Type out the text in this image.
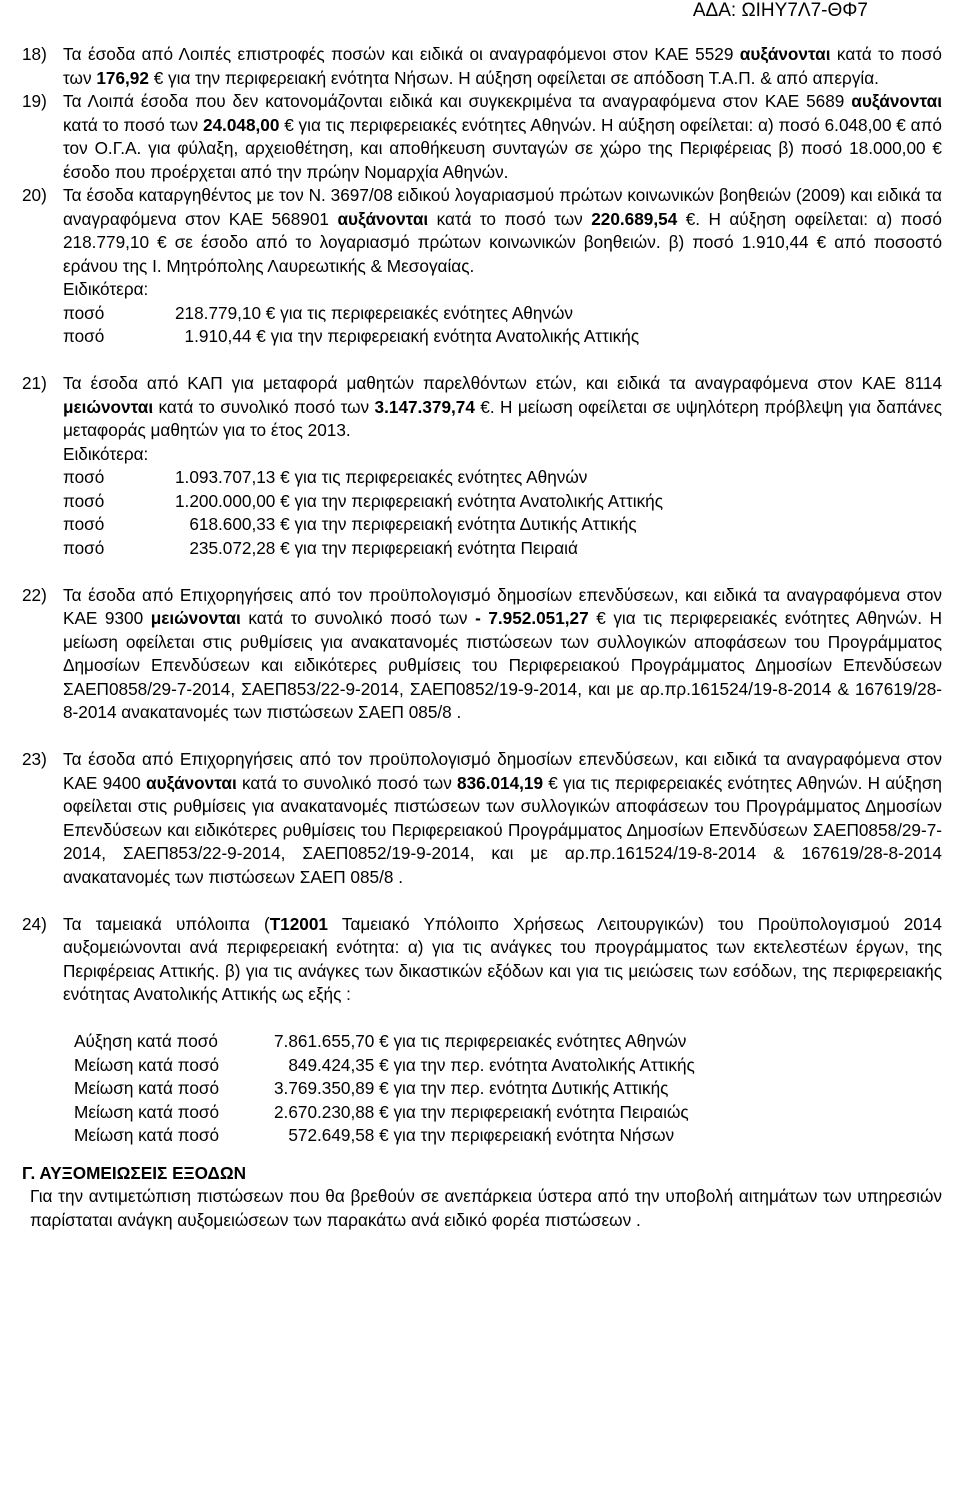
ΑΔΑ: ΩΙΗΥ7Λ7-ΘΦ7
18) Τα έσοδα από Λοιπές επιστροφές ποσών και ειδικά οι αναγραφόμενοι στον ΚΑΕ 5529 αυξάνονται κατά το ποσό των 176,92 € για την περιφερειακή ενότητα Νήσων. Η αύξηση οφείλεται σε απόδοση Τ.Α.Π. & από απεργία.
19) Τα Λοιπά έσοδα που δεν κατονομάζονται ειδικά και συγκεκριμένα τα αναγραφόμενα στον ΚΑΕ 5689 αυξάνονται κατά το ποσό των 24.048,00 € για τις περιφερειακές ενότητες Αθηνών. Η αύξηση οφείλεται: α) ποσό 6.048,00 € από τον Ο.Γ.Α. για φύλαξη, αρχειοθέτηση, και αποθήκευση συνταγών σε χώρο της Περιφέρειας β) ποσό 18.000,00 € έσοδο που προέρχεται από την πρώην Νομαρχία Αθηνών.
20) Τα έσοδα καταργηθέντος με τον Ν. 3697/08 ειδικού λογαριασμού πρώτων κοινωνικών βοηθειών (2009) και ειδικά τα αναγραφόμενα στον ΚΑΕ 568901 αυξάνονται κατά το ποσό των 220.689,54 €. Η αύξηση οφείλεται: α) ποσό 218.779,10 € σε έσοδο από το λογαριασμό πρώτων κοινωνικών βοηθειών. β) ποσό 1.910,44 € από ποσοστό εράνου της Ι. Μητρόπολης Λαυρεωτικής & Μεσογαίας.
Ειδικότερα:
ποσό	218.779,10 € για τις περιφερειακές ενότητες Αθηνών
ποσό	1.910,44 € για την περιφερειακή ενότητα Ανατολικής Αττικής
21) Τα έσοδα από ΚΑΠ για μεταφορά μαθητών παρελθόντων ετών, και ειδικά τα αναγραφόμενα στον ΚΑΕ 8114 μειώνονται κατά το συνολικό ποσό των 3.147.379,74 €. Η μείωση οφείλεται σε υψηλότερη πρόβλεψη για δαπάνες μεταφοράς μαθητών για το έτος 2013.
Ειδικότερα:
ποσό	1.093.707,13 € για τις περιφερειακές ενότητες Αθηνών
ποσό	1.200.000,00 € για την περιφερειακή ενότητα Ανατολικής Αττικής
ποσό	618.600,33 € για την περιφερειακή ενότητα Δυτικής Αττικής
ποσό	235.072,28 € για την περιφερειακή ενότητα Πειραιά
22) Τα έσοδα από Επιχορηγήσεις από τον προϋπολογισμό δημοσίων επενδύσεων, και ειδικά τα αναγραφόμενα στον ΚΑΕ 9300 μειώνονται κατά το συνολικό ποσό των - 7.952.051,27 € για τις περιφερειακές ενότητες Αθηνών. Η μείωση οφείλεται στις ρυθμίσεις για ανακατανομές πιστώσεων των συλλογικών αποφάσεων του Προγράμματος Δημοσίων Επενδύσεων και ειδικότερες ρυθμίσεις του Περιφερειακού Προγράμματος Δημοσίων Επενδύσεων ΣΑΕΠ0858/29-7-2014, ΣΑΕΠ853/22-9-2014, ΣΑΕΠ0852/19-9-2014, και με αρ.πρ.161524/19-8-2014 & 167619/28-8-2014 ανακατανομές των πιστώσεων ΣΑΕΠ 085/8 .
23) Τα έσοδα από Επιχορηγήσεις από τον προϋπολογισμό δημοσίων επενδύσεων, και ειδικά τα αναγραφόμενα στον ΚΑΕ 9400 αυξάνονται κατά το συνολικό ποσό των 836.014,19 € για τις περιφερειακές ενότητες Αθηνών. Η αύξηση οφείλεται στις ρυθμίσεις για ανακατανομές πιστώσεων των συλλογικών αποφάσεων του Προγράμματος Δημοσίων Επενδύσεων και ειδικότερες ρυθμίσεις του Περιφερειακού Προγράμματος Δημοσίων Επενδύσεων ΣΑΕΠ0858/29-7-2014, ΣΑΕΠ853/22-9-2014, ΣΑΕΠ0852/19-9-2014, και με αρ.πρ.161524/19-8-2014 & 167619/28-8-2014 ανακατανομές των πιστώσεων ΣΑΕΠ 085/8 .
24) Τα ταμειακά υπόλοιπα (Τ12001 Ταμειακό Υπόλοιπο Χρήσεως Λειτουργικών) του Προϋπολογισμού 2014 αυξομειώνονται ανά περιφερειακή ενότητα: α) για τις ανάγκες του προγράμματος των εκτελεστέων έργων, της Περιφέρειας Αττικής. β) για τις ανάγκες των δικαστικών εξόδων και για τις μειώσεις των εσόδων, της περιφερειακής ενότητας Ανατολικής Αττικής ως εξής :
Αύξηση κατά ποσό	7.861.655,70 € για τις περιφερειακές ενότητες Αθηνών
Μείωση κατά ποσό	849.424,35 € για την περ. ενότητα Ανατολικής Αττικής
Μείωση κατά ποσό	3.769.350,89 € για την περ. ενότητα Δυτικής Αττικής
Μείωση κατά ποσό	2.670.230,88 € για την περιφερειακή ενότητα Πειραιώς
Μείωση κατά ποσό	572.649,58 € για την περιφερειακή ενότητα Νήσων
Γ. ΑΥΞΟΜΕΙΩΣΕΙΣ ΕΞΟΔΩΝ
Για την αντιμετώπιση πιστώσεων που θα βρεθούν σε ανεπάρκεια ύστερα από την υποβολή αιτημάτων των υπηρεσιών παρίσταται ανάγκη αυξομειώσεων των παρακάτω ανά ειδικό φορέα πιστώσεων .
